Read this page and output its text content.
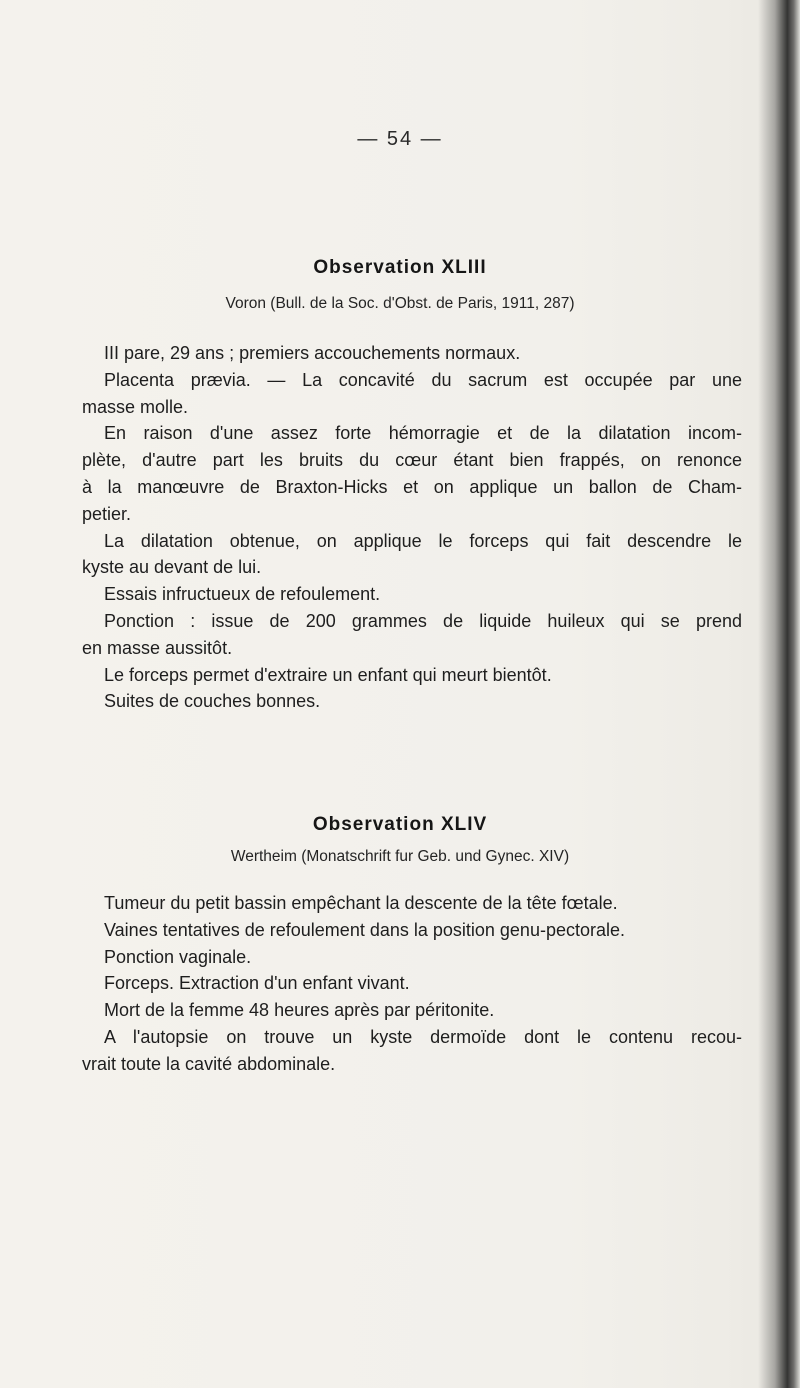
— 54 —
Observation XLIII
Voron (Bull. de la Soc. d'Obst. de Paris, 1911, 287)
III pare, 29 ans ; premiers accouchements normaux.
Placenta prævia. — La concavité du sacrum est occupée par une
masse molle.
En raison d'une assez forte hémorragie et de la dilatation incom-
plète, d'autre part les bruits du cœur étant bien frappés, on renonce
à la manœuvre de Braxton-Hicks et on applique un ballon de Cham-
petier.
La dilatation obtenue, on applique le forceps qui fait descendre le
kyste au devant de lui.
Essais infructueux de refoulement.
Ponction : issue de 200 grammes de liquide huileux qui se prend
en masse aussitôt.
Le forceps permet d'extraire un enfant qui meurt bientôt.
Suites de couches bonnes.
Observation XLIV
Wertheim (Monatschrift fur Geb. und Gynec. XIV)
Tumeur du petit bassin empêchant la descente de la tête fœtale.
Vaines tentatives de refoulement dans la position genu-pectorale.
Ponction vaginale.
Forceps. Extraction d'un enfant vivant.
Mort de la femme 48 heures après par péritonite.
A l'autopsie on trouve un kyste dermoïde dont le contenu recou-
vrait toute la cavité abdominale.
